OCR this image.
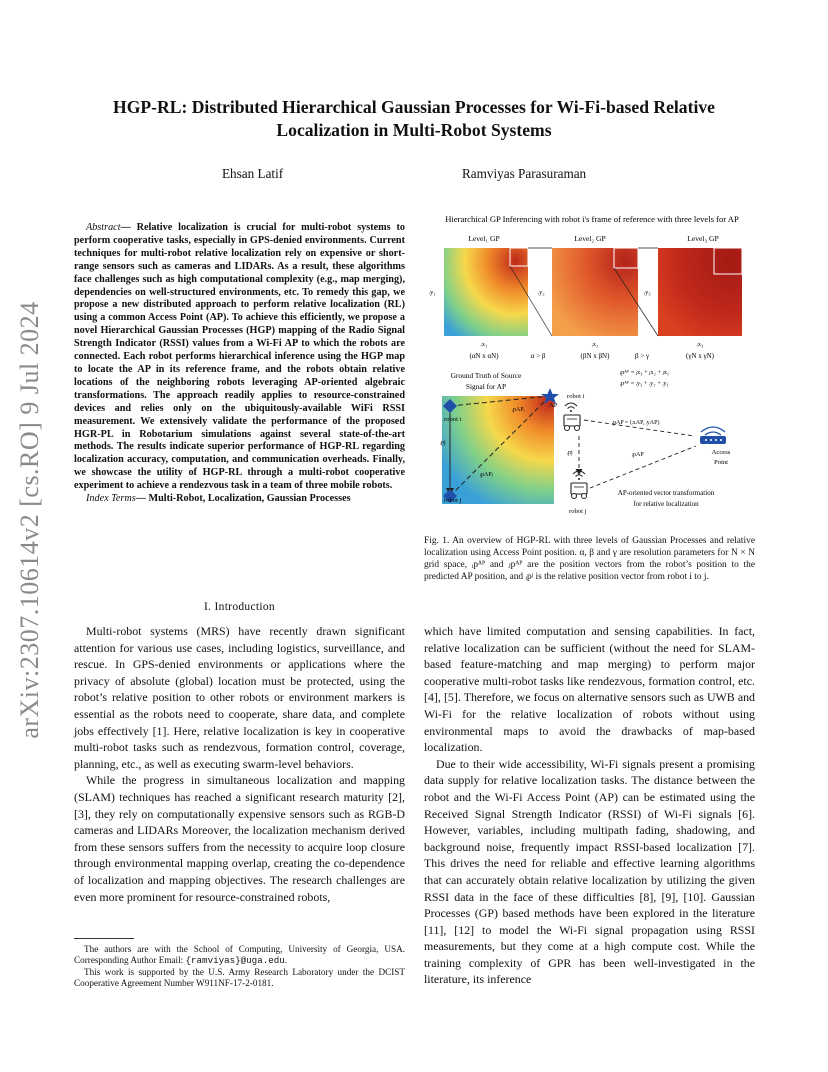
HGP-RL: Distributed Hierarchical Gaussian Processes for Wi-Fi-based Relative
Localization in Multi-Robot Systems
Ehsan Latif	Ramviyas Parasuraman
arXiv:2307.10614v2 [cs.RO] 9 Jul 2024

Abstract— Relative localization is crucial for multi-robot systems to perform cooperative tasks, especially in GPS-denied environments. Current techniques for multi-robot relative localization rely on expensive or short-range sensors such as cameras and LIDARs. As a result, these algorithms face challenges such as high computational complexity (e.g., map merging), dependencies on well-structured environments, etc. To remedy this gap, we propose a new distributed approach to perform relative localization (RL) using a common Access Point (AP). To achieve this efficiently, we propose a novel Hierarchical Gaussian Processes (HGP) mapping of the Radio Signal Strength Indicator (RSSI) values from a Wi-Fi AP to which the robots are connected. Each robot performs hierarchical inference using the HGP map to locate the AP in its reference frame, and the robots obtain relative locations of the neighboring robots leveraging AP-oriented algebraic transformations. The approach readily applies to resource-constrained devices and relies only on the ubiquitously-available WiFi RSSI measurement. We extensively validate the performance of the proposed HGR-PL in Robotarium simulations against several state-of-the-art methods. The results indicate superior performance of HGP-RL regarding localization accuracy, computation, and communication overheads. Finally, we showcase the utility of HGP-RL through a multi-robot cooperative experiment to achieve a rendezvous task in a team of three mobile robots.

Index Terms— Multi-Robot, Localization, Gaussian Processes

I. Introduction

Multi-robot systems (MRS) have recently drawn significant attention for various use cases, including logistics, surveillance, and rescue. In GPS-denied environments or applications where the privacy of absolute (global) location must be protected, using the robot’s relative position to other robots or environment markers is essential as the robots need to cooperate, share data, and complete jobs effectively [1]. Here, relative localization is key in cooperative multi-robot tasks such as rendezvous, formation control, coverage, planning, etc., as well as executing swarm-level behaviors.

While the progress in simultaneous localization and mapping (SLAM) techniques has reached a significant research maturity [2], [3], they rely on computationally expensive sensors such as RGB-D cameras and LIDARs Moreover, the localization mechanism derived from these sensors suffers from the necessity to acquire loop closure through environmental mapping overlap, creating the co-dependence of localization and mapping objectives. The research challenges are even more prominent for resource-constrained robots,

The authors are with the School of Computing, University of Georgia, USA. Corresponding Author Email: {ramviyas}@uga.edu.

This work is supported by the U.S. Army Research Laboratory under the DCIST Cooperative Agreement Number W911NF-17-2-0181.

Hierarchical GP Inferencing with robot i's frame of reference with three levels for AP
Level₁ GP	Level₂ GP	Level₃ GP
ᵢy₁	ᵢy₂	ᵢy₃
ᵢx₁	ᵢx₂	ᵢx₃
(αN x αN)	α > β	(βN x βN)	β > γ	(γN x γN)
ⱼpᴬᴾ = ⱼx₃ + ⱼx₂ + ⱼx₁
ᵢpᴬᴾ = ᵢy₃ + ᵢy₂ + ᵢy₁
Ground Truth of Source
Signal for AP
robot i
robot j
ᵢpAPᵢ
ⱼpAPⱼ
ᵢpj
AP
robot i
robot j
ᵢpj
ᵢpAP = (ᵢxAP, ᵢyAP)
ⱼpAP	Access
Point
AP-oriented vector transformation
for relative localization
Fig. 1. An overview of HGP-RL with three levels of Gaussian Processes and relative localization using Access Point position. α, β and γ are resolution parameters for N × N grid space, ᵢpᴬᴾ and ⱼpᴬᴾ are the position vectors from the robot’s position to the predicted AP position, and ᵢpʲ is the relative position vector from robot i to j.

which have limited computation and sensing capabilities. In fact, relative localization can be sufficient (without the need for SLAM-based feature-matching and map merging) to perform major cooperative multi-robot tasks like rendezvous, formation control, etc. [4], [5]. Therefore, we focus on alternative sensors such as UWB and Wi-Fi for the relative localization of robots without using environmental maps to avoid the drawbacks of map-based localization.

Due to their wide accessibility, Wi-Fi signals present a promising data supply for relative localization tasks. The distance between the robot and the Wi-Fi Access Point (AP) can be estimated using the Received Signal Strength Indicator (RSSI) of Wi-Fi signals [6]. However, variables, including multipath fading, shadowing, and background noise, frequently impact RSSI-based localization [7]. This drives the need for reliable and effective learning algorithms that can accurately obtain relative localization by utilizing the given RSSI data in the face of these difficulties [8], [9], [10]. Gaussian Processes (GP) based methods have been explored in the literature [11], [12] to model the Wi-Fi signal propagation using RSSI measurements, but they come at a high compute cost. While the training complexity of GPR has been well-investigated in the literature, its inference
